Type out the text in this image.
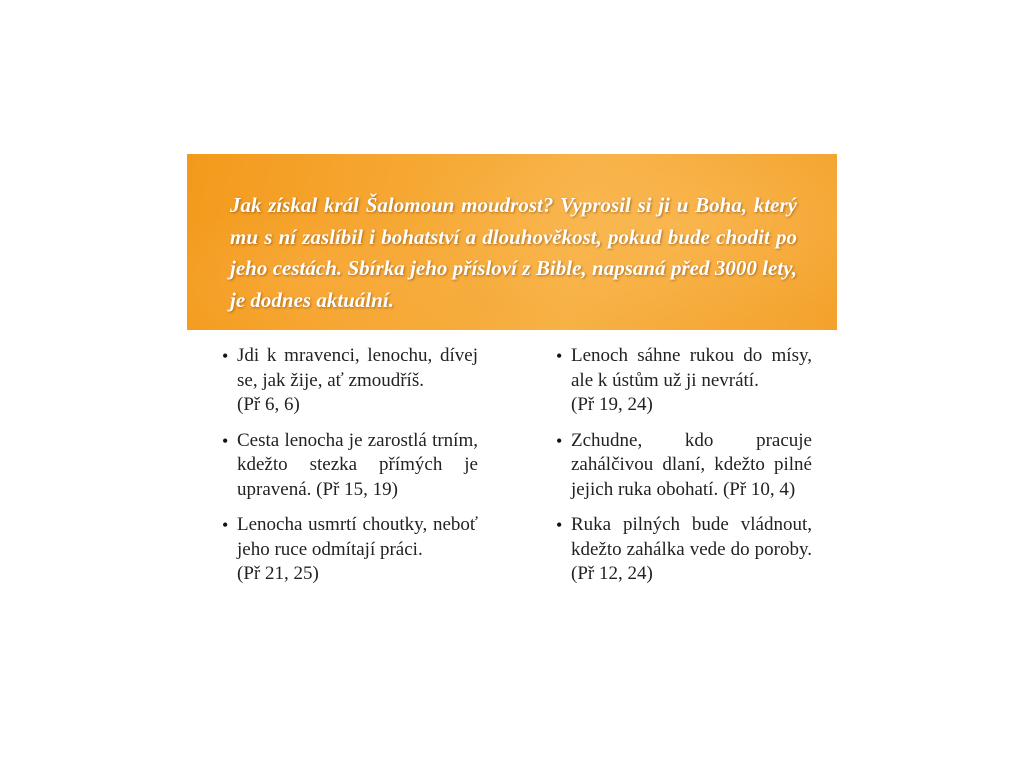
Jak získal král Šalomoun moudrost? Vyprosil si ji u Boha, který mu s ní zaslíbil i bohatství a dlouhověkost, pokud bude chodit po jeho cestách. Sbírka jeho přísloví z Bible, napsaná před 3000 lety, je dodnes aktuální.

• Jdi k mravenci, lenochu, dívej se, jak žije, ať zmoudříš.
(Př 6, 6)
• Cesta lenocha je zarostlá trním, kdežto stezka přímých je upravená. (Př 15, 19)
• Lenocha usmrtí choutky, neboť jeho ruce odmítají práci.
(Př 21, 25)
• Lenoch sáhne rukou do mísy, ale k ústům už ji nevrátí.
(Př 19, 24)
• Zchudne, kdo pracuje zahálčivou dlaní, kdežto pilné jejich ruka obohatí. (Př 10, 4)
• Ruka pilných bude vládnout, kdežto zahálka vede do poroby. (Př 12, 24)
